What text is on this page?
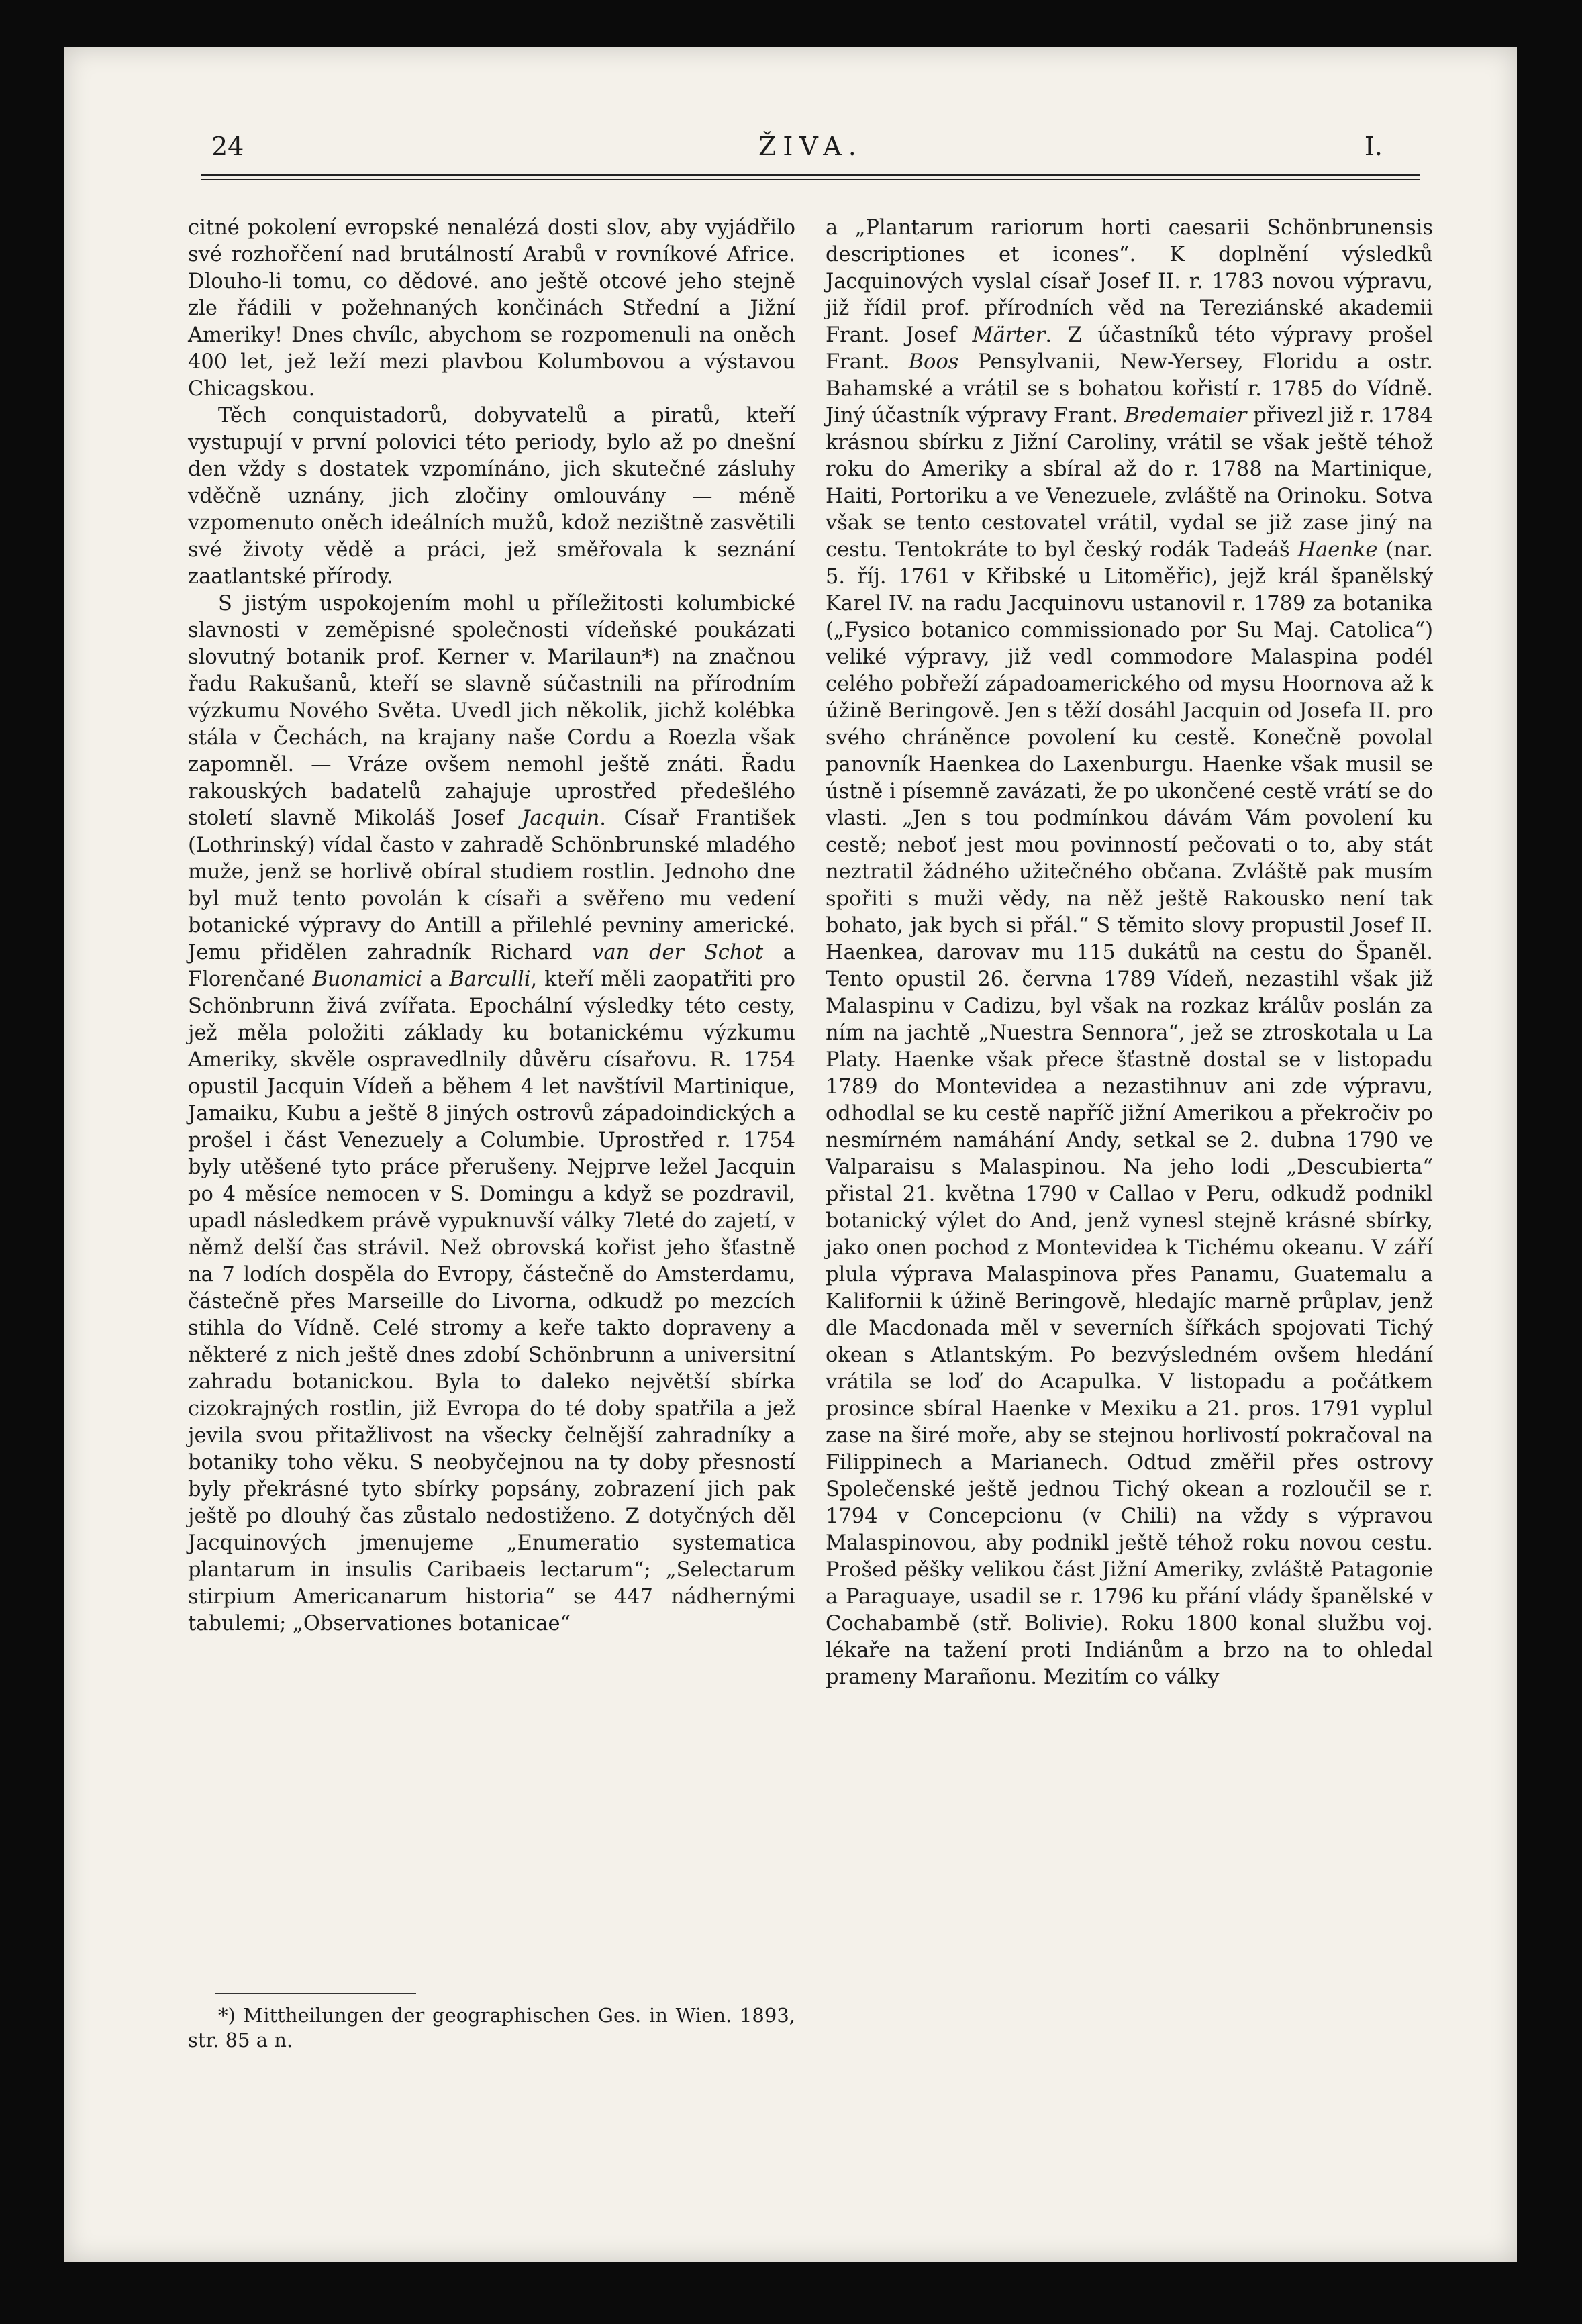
24	ŽIVA.	I.

citné pokolení evropské nenalézá dosti slov, aby vyjádřilo své rozhořčení nad brutálností Arabů v rovníkové Africe. Dlouho-li tomu, co dědové. ano ještě otcové jeho stejně zle řádili v požehnaných končinách Střední a Jižní Ameriky! Dnes chvílc, abychom se rozpomenuli na oněch 400 let, jež leží mezi plavbou Kolumbovou a výstavou Chicagskou.

Těch conquistadorů, dobyvatelů a piratů, kteří vystupují v první polovici této periody, bylo až po dnešní den vždy s dostatek vzpomínáno, jich skutečné zásluhy vděčně uznány, jich zločiny omlouvány — méně vzpomenuto oněch ideálních mužů, kdož nezištně zasvětili své životy vědě a práci, jež směřovala k seznání zaatlantské přírody.

S jistým uspokojením mohl u příležitosti kolumbické slavnosti v zeměpisné společnosti vídeňské poukázati slovutný botanik prof. Kerner v. Marilaun*) na značnou řadu Rakušanů, kteří se slavně súčastnili na přírodním výzkumu Nového Světa. Uvedl jich několik, jichž kolébka stála v Čechách, na krajany naše Cordu a Roezla však zapomněl. — Vráze ovšem nemohl ještě znáti. Řadu rakouských badatelů zahajuje uprostřed předešlého století slavně Mikoláš Josef Jacquin. Císař František (Lothrinský) vídal často v zahradě Schönbrunské mladého muže, jenž se horlivě obíral studiem rostlin. Jednoho dne byl muž tento povolán k císaři a svěřeno mu vedení botanické výpravy do Antill a přilehlé pevniny americké. Jemu přidělen zahradník Richard van der Schot a Florenčané Buonamici a Barculli, kteří měli zaopatřiti pro Schönbrunn živá zvířata. Epochální výsledky této cesty, jež měla položiti základy ku botanickému výzkumu Ameriky, skvěle ospravedlnily důvěru císařovu. R. 1754 opustil Jacquin Vídeň a během 4 let navštívil Martinique, Jamaiku, Kubu a ještě 8 jiných ostrovů západoindických a prošel i část Venezuely a Columbie. Uprostřed r. 1754 byly utěšené tyto práce přerušeny. Nejprve ležel Jacquin po 4 měsíce nemocen v S. Domingu a když se pozdravil, upadl následkem právě vypuknuvší války 7leté do zajetí, v němž delší čas strávil. Než obrovská kořist jeho šťastně na 7 lodích dospěla do Evropy, částečně do Amsterdamu, částečně přes Marseille do Livorna, odkudž po mezcích stihla do Vídně. Celé stromy a keře takto dopraveny a některé z nich ještě dnes zdobí Schönbrunn a universitní zahradu botanickou. Byla to daleko největší sbírka cizokrajných rostlin, již Evropa do té doby spatřila a jež jevila svou přitažlivost na všecky čelnější zahradníky a botaniky toho věku. S neobyčejnou na ty doby přesností byly překrásné tyto sbírky popsány, zobrazení jich pak ještě po dlouhý čas zůstalo nedostiženo. Z dotyčných děl Jacquinových jmenujeme „Enumeratio systematica plantarum in insulis Caribaeis lectarum“; „Selectarum stirpium Americanarum historia“ se 447 nádhernými tabulemi; „Observationes botanicae“

a „Plantarum rariorum horti caesarii Schönbrunensis descriptiones et icones“. K doplnění výsledků Jacquinových vyslal císař Josef II. r. 1783 novou výpravu, již řídil prof. přírodních věd na Tereziánské akademii Frant. Josef Märter. Z účastníků této výpravy prošel Frant. Boos Pensylvanii, New-Yersey, Floridu a ostr. Bahamské a vrátil se s bohatou kořistí r. 1785 do Vídně. Jiný účastník výpravy Frant. Bredemaier přivezl již r. 1784 krásnou sbírku z Jižní Caroliny, vrátil se však ještě téhož roku do Ameriky a sbíral až do r. 1788 na Martinique, Haiti, Portoriku a ve Venezuele, zvláště na Orinoku. Sotva však se tento cestovatel vrátil, vydal se již zase jiný na cestu. Tentokráte to byl český rodák Tadeáš Haenke (nar. 5. říj. 1761 v Křibské u Litoměřic), jejž král španělský Karel IV. na radu Jacquinovu ustanovil r. 1789 za botanika („Fysico botanico commissionado por Su Maj. Catolica“) veliké výpravy, již vedl commodore Malaspina podél celého pobřeží západoamerického od mysu Hoornova až k úžině Beringově. Jen s těží dosáhl Jacquin od Josefa II. pro svého chráněnce povolení ku cestě. Konečně povolal panovník Haenkea do Laxenburgu. Haenke však musil se ústně i písemně zavázati, že po ukončené cestě vrátí se do vlasti. „Jen s tou podmínkou dávám Vám povolení ku cestě; neboť jest mou povinností pečovati o to, aby stát neztratil žádného užitečného občana. Zvláště pak musím spořiti s muži vědy, na něž ještě Rakousko není tak bohato, jak bych si přál.“ S těmito slovy propustil Josef II. Haenkea, darovav mu 115 dukátů na cestu do Španěl. Tento opustil 26. června 1789 Vídeň, nezastihl však již Malaspinu v Cadizu, byl však na rozkaz králův poslán za ním na jachtě „Nuestra Sennora“, jež se ztroskotala u La Platy. Haenke však přece šťastně dostal se v listopadu 1789 do Montevidea a nezastihnuv ani zde výpravu, odhodlal se ku cestě napříč jižní Amerikou a překročiv po nesmírném namáhání Andy, setkal se 2. dubna 1790 ve Valparaisu s Malaspinou. Na jeho lodi „Descubierta“ přistal 21. května 1790 v Callao v Peru, odkudž podnikl botanický výlet do And, jenž vynesl stejně krásné sbírky, jako onen pochod z Montevidea k Tichému okeanu. V září plula výprava Malaspinova přes Panamu, Guatemalu a Kalifornii k úžině Beringově, hledajíc marně průplav, jenž dle Macdonada měl v severních šířkách spojovati Tichý okean s Atlantským. Po bezvýsledném ovšem hledání vrátila se loď do Acapulka. V listopadu a počátkem prosince sbíral Haenke v Mexiku a 21. pros. 1791 vyplul zase na širé moře, aby se stejnou horlivostí pokračoval na Filippinech a Marianech. Odtud změřil přes ostrovy Společenské ještě jednou Tichý okean a rozloučil se r. 1794 v Concepcionu (v Chili) na vždy s výpravou Malaspinovou, aby podnikl ještě téhož roku novou cestu. Prošed pěšky velikou část Jižní Ameriky, zvláště Patagonie a Paraguaye, usadil se r. 1796 ku přání vlády španělské v Cochabambě (stř. Bolivie). Roku 1800 konal službu voj. lékaře na tažení proti Indiánům a brzo na to ohledal prameny Marañonu. Mezitím co války

*) Mittheilungen der geographischen Ges. in Wien. 1893, str. 85 a n.
